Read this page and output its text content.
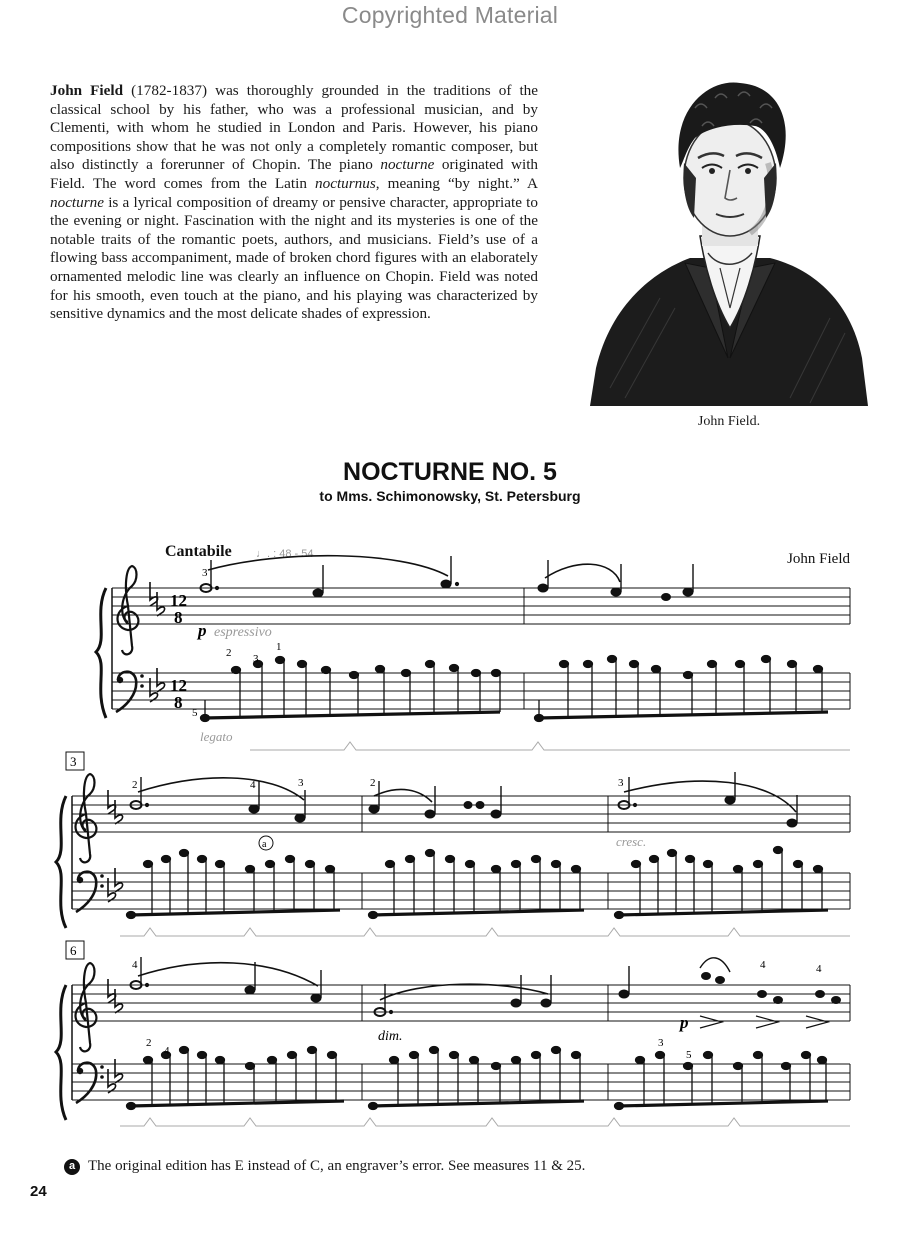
Copyrighted Material
John Field (1782-1837) was thoroughly grounded in the traditions of the classical school by his father, who was a professional musician, and by Clementi, with whom he studied in London and Paris. However, his piano compositions show that he was not only a completely romantic composer, but also distinctly a forerunner of Chopin. The piano nocturne originated with Field. The word comes from the Latin nocturnus, meaning “by night.” A nocturne is a lyrical composition of dreamy or pensive character, appropriate to the evening or night. Fascination with the night and its mysteries is one of the notable traits of the romantic poets, authors, and musicians. Field’s use of a flowing bass accompaniment, made of broken chord figures with an elaborately ornamented melodic line was clearly an influence on Chopin. Field was noted for his smooth, even touch at the piano, and his playing was characterized by sensitive dynamics and the most delicate shades of expression.
John Field.
NOCTURNE NO. 5
to Mms. Schimonowsky, St. Petersburg
Cantabile ♩. : 48 - 54	John Field
12
8
12
8
3
p espressivo
5
2 3
1
legato
3
2	4	3	2	3
cresc.
a
6
4	4	4
dim.
p
2
4
3
5
a The original edition has E instead of C, an engraver’s error. See measures 11 & 25.
24
